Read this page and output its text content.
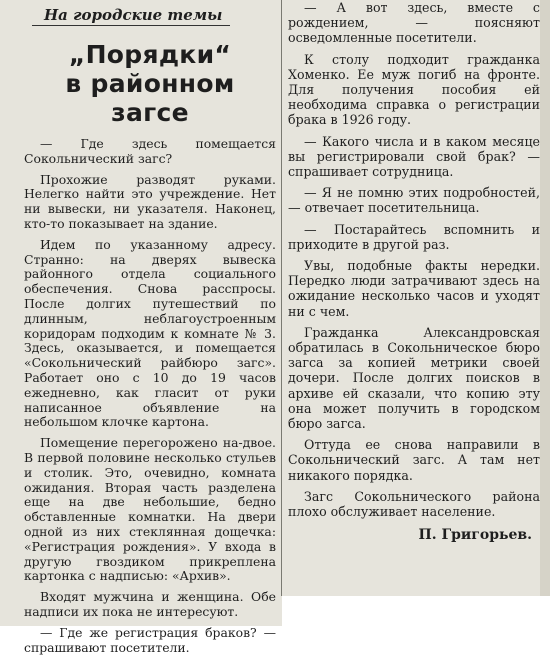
На городские темы
„Порядки“
в районном
загсе

— Где здесь помещается Сокольнический загс?

Прохожие разводят руками. Нелегко найти это учреждение. Нет ни вывески, ни указателя. Наконец, кто-то показывает на здание.

Идем по указанному адресу. Странно: на дверях вывеска районного отдела социального обеспечения. Снова расспросы. После долгих путешествий по длинным, неблагоустроенным коридорам подходим к комнате № 3. Здесь, оказывается, и помещается «Сокольнический райбюро загс». Работает оно с 10 до 19 часов ежедневно, как гласит от руки написанное объявление на небольшом клочке картона.

Помещение перегорожено на-двое. В первой половине несколько стульев и столик. Это, очевидно, комната ожидания. Вторая часть разделена еще на две небольшие, бедно обставленные комнатки. На двери одной из них стеклянная дощечка: «Регистрация рождения». У входа в другую гвоздиком прикреплена картонка с надписью: «Архив».

Входят мужчина и женщина. Обе надписи их пока не интересуют.

— Где же регистрация браков? — спрашивают посетители.

— А вот здесь, вместе с рождением, — поясняют осведомленные посетители.

К столу подходит гражданка Хоменко. Ее муж погиб на фронте. Для получения пособия ей необходима справка о регистрации брака в 1926 году.

— Какого числа и в каком месяце вы регистрировали свой брак? — спрашивает сотрудница.

— Я не помню этих подробностей, — отвечает посетительница.

— Постарайтесь вспомнить и приходите в другой раз.

Увы, подобные факты нередки. Передко люди затрачивают здесь на ожидание несколько часов и уходят ни с чем.

Гражданка Александровская обратилась в Сокольническое бюро загса за копией метрики своей дочери. После долгих поисков в архиве ей сказали, что копию эту она может получить в городском бюро загса.

Оттуда ее снова направили в Сокольнический загс. А там нет никакого порядка.

Загс Сокольнического района плохо обслуживает население.

П. Григорьев.
